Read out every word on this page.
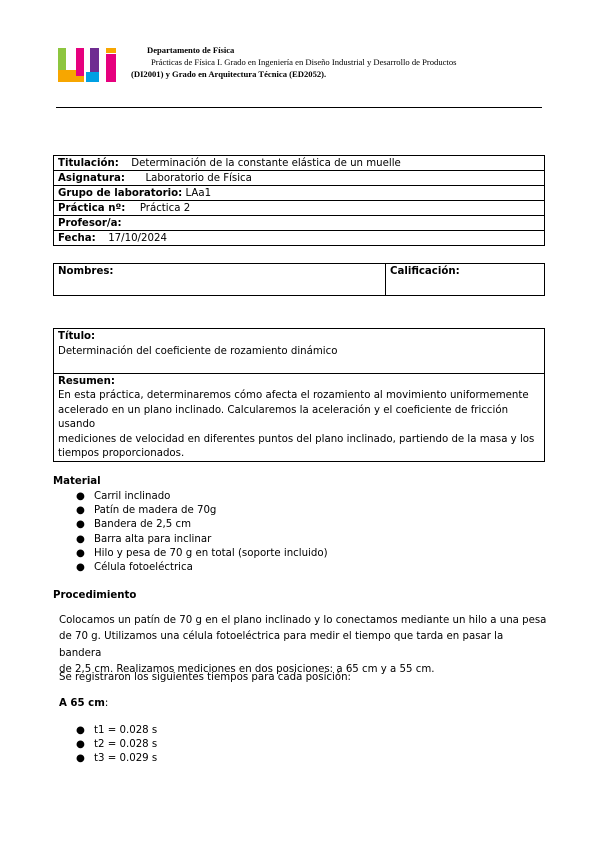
Departamento de Física
Prácticas de Física I. Grado en Ingeniería en Diseño Industrial y Desarrollo de Productos
(DI2001) y Grado en Arquitectura Técnica (ED2052).
Titulación: Determinación de la constante elástica de un muelle
Asignatura: Laboratorio de Física
Grupo de laboratorio: LAa1
Práctica nº: Práctica 2
Profesor/a:
Fecha: 17/10/2024
Nombres:	Calificación:
Título:
Determinación del coeficiente de rozamiento dinámico
Resumen:
En esta práctica, determinaremos cómo afecta el rozamiento al movimiento uniformemente
acelerado en un plano inclinado. Calcularemos la aceleración y el coeficiente de fricción usando
mediciones de velocidad en diferentes puntos del plano inclinado, partiendo de la masa y los
tiempos proporcionados.
Material
● Carril inclinado
● Patín de madera de 70g
● Bandera de 2,5 cm
● Barra alta para inclinar
● Hilo y pesa de 70 g en total (soporte incluido)
● Célula fotoeléctrica
Procedimiento
Colocamos un patín de 70 g en el plano inclinado y lo conectamos mediante un hilo a una pesa
de 70 g. Utilizamos una célula fotoeléctrica para medir el tiempo que tarda en pasar la bandera
de 2,5 cm. Realizamos mediciones en dos posiciones: a 65 cm y a 55 cm.
Se registraron los siguientes tiempos para cada posición:
A 65 cm:
● t1 = 0.028 s
● t2 = 0.028 s
● t3 = 0.029 s
